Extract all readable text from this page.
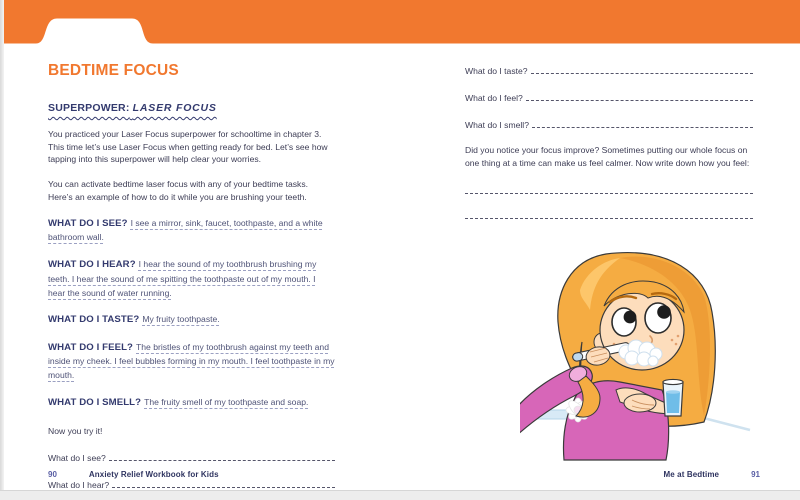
BEDTIME FOCUS
SUPERPOWER: LASER FOCUS

You practiced your Laser Focus superpower for schooltime in chapter 3. This time let’s use Laser Focus when getting ready for bed. Let’s see how tapping into this superpower will help clear your worries.

You can activate bedtime laser focus with any of your bedtime tasks. Here’s an example of how to do it while you are brushing your teeth.

WHAT DO I SEE? I see a mirror, sink, faucet, toothpaste, and a white bathroom wall.
WHAT DO I HEAR? I hear the sound of my toothbrush brushing my teeth. I hear the sound of me spitting the toothpaste out of my mouth. I hear the sound of water running.
WHAT DO I TASTE? My fruity toothpaste.
WHAT DO I FEEL? The bristles of my toothbrush against my teeth and inside my cheek. I feel bubbles forming in my mouth. I feel toothpaste in my mouth.
WHAT DO I SMELL? The fruity smell of my toothpaste and soap.
Now you try it!
What do I see?
What do I hear?
What do I taste?
What do I feel?
What do I smell?

Did you notice your focus improve? Sometimes putting our whole focus on one thing at a time can make us feel calmer. Now write down how you feel:

90	Anxiety Relief Workbook for Kids	Me at Bedtime	91
